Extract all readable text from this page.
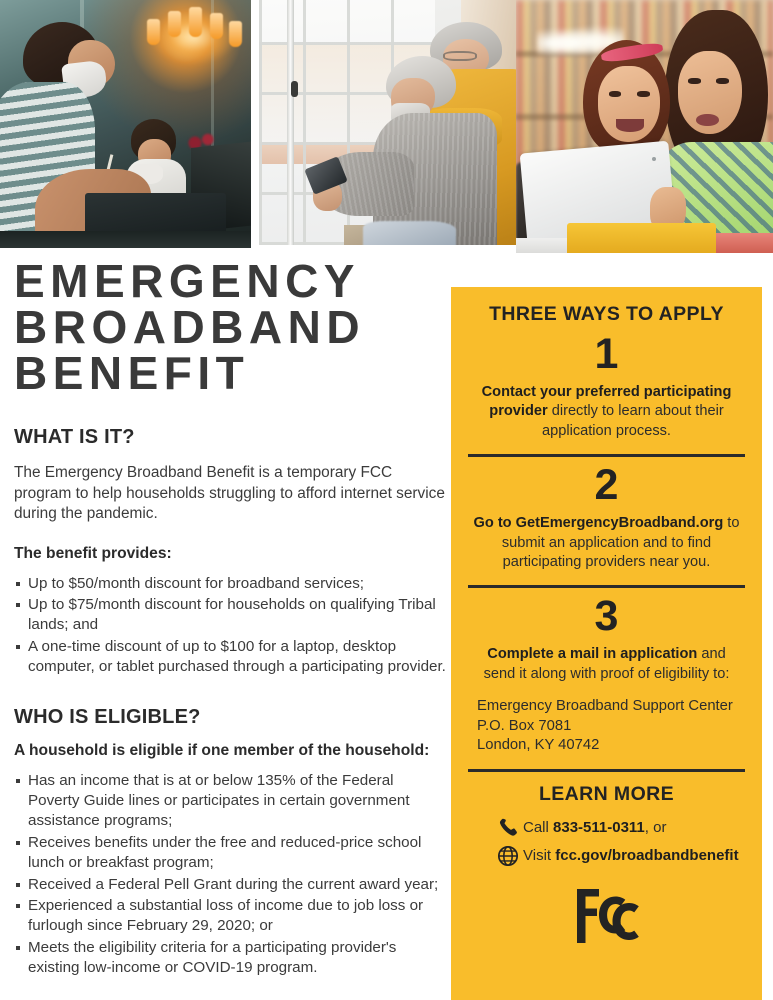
EMERGENCY
BROADBAND
BENEFIT
WHAT IS IT?
The Emergency Broadband Benefit is a temporary FCC program to help households struggling to afford internet service during the pandemic.
The benefit provides:
Up to $50/month discount for broadband services;
Up to $75/month discount for households on qualifying Tribal lands; and
A one-time discount of up to $100 for a laptop, desktop computer, or tablet purchased through a participating provider.
WHO IS ELIGIBLE?
A household is eligible if one member of the household:
Has an income that is at or below 135% of the Federal Poverty Guide lines or participates in certain government assistance programs;
Receives benefits under the free and reduced-price school lunch or breakfast program;
Received a Federal Pell Grant during the current award year;
Experienced a substantial loss of income due to job loss or furlough since February 29, 2020; or
Meets the eligibility criteria for a participating provider's existing low-income or COVID-19 program.
THREE WAYS TO APPLY
1
Contact your preferred participating provider directly to learn about their application process.
2
Go to GetEmergencyBroadband.org to submit an application and to find participating providers near you.
3
Complete a mail in application and send it along with proof of eligibility to:
Emergency Broadband Support Center
P.O. Box 7081
London, KY 40742
LEARN MORE
Call 833-511-0311, or
Visit fcc.gov/broadbandbenefit
